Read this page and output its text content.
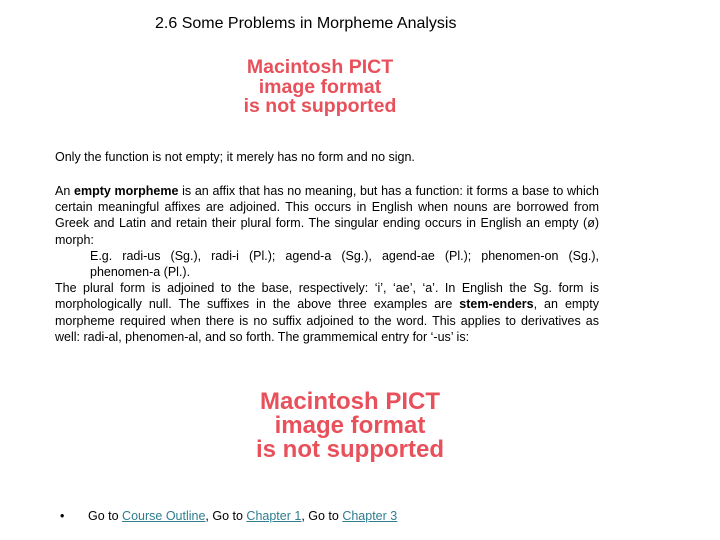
2.6 Some Problems in Morpheme Analysis
Macintosh PICT
image format
is not supported
Only the function is not empty; it merely has no form and no sign.

An empty morpheme is an affix that has no meaning, but has a function: it forms a base to which certain meaningful affixes are adjoined. This occurs in English when nouns are borrowed from Greek and Latin and retain their plural form. The singular ending occurs in English an empty (ø) morph:

E.g. radi-us (Sg.), radi-i (Pl.); agend-a (Sg.), agend-ae (Pl.); phenomen-on (Sg.), phenomen-a (Pl.).

The plural form is adjoined to the base, respectively: ‘i’, ‘ae’, ‘a’. In English the Sg. form is morphologically null. The suffixes in the above three examples are stem-enders, an empty morpheme required when there is no suffix adjoined to the word. This applies to derivatives as well: radi-al, phenomen-al, and so forth. The grammemical entry for ‘-us’ is:

Macintosh PICT
image format
is not supported
• Go to Course Outline, Go to Chapter 1, Go to Chapter 3
